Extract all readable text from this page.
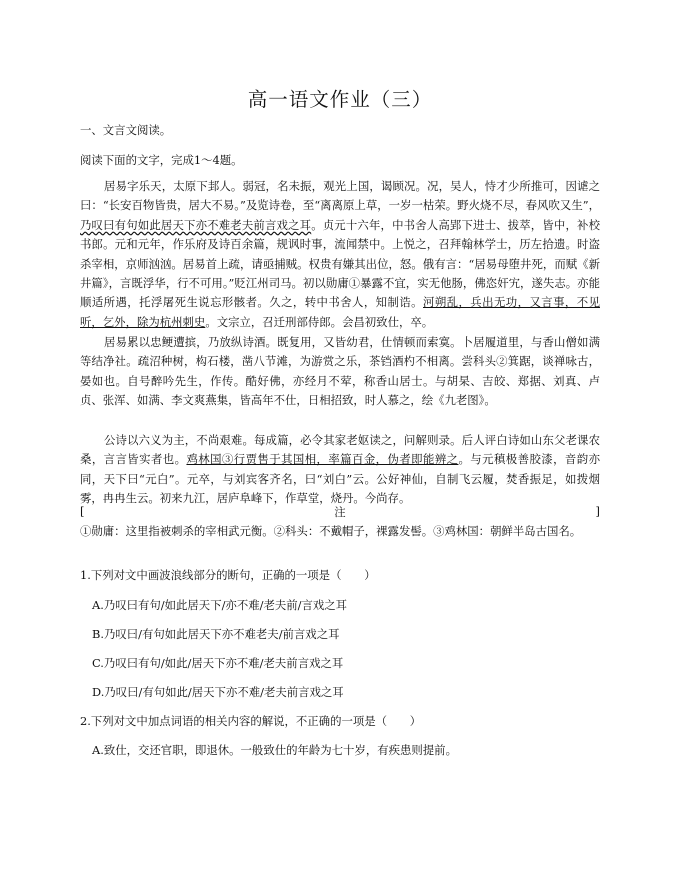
高一语文作业（三）
一、文言文阅读。
阅读下面的文字，完成1～4题。
居易字乐天，太原下邽人。弱冠，名未振，观光上国，谒顾况。况，吴人，恃才少所推可，因谑之曰：“长安百物皆贵，居大不易。”及览诗卷，至“离离原上草，一岁一枯荣。野火烧不尽，春风吹又生”，乃叹曰有句如此居天下亦不难老夫前言戏之耳。贞元十六年，中书舍人高郢下进士、拔萃，皆中，补校书郎。元和元年，作乐府及诗百余篇，规讽时事，流闻禁中。上悦之，召拜翰林学士，历左拾遗。时盗杀宰相，京师汹汹。居易首上疏，请亟捕贼。权贵有嫌其出位，怒。俄有言：“居易母堕井死，而赋《新井篇》，言既浮华，行不可用。”贬江州司马。初以勋庸①暴露不宜，实无他肠，佛恣奸宄，遂失志。亦能顺适所遇，托浮屠死生说忘形骸者。久之，转中书舍人，知制诰。河朔乱，兵出无功，又言事，不见听，乞外，除为杭州刺史。文宗立，召迁刑部侍郎。会昌初致仕，卒。
居易累以忠鲠遭摈，乃放纵诗酒。既复用，又皆幼君，仕情顿而索寞。卜居履道里，与香山僧如满等结净社。疏沼种树，构石楼，凿八节滩，为游赏之乐，茶铛酒杓不相离。尝科头②箕踞，谈禅咏古，晏如也。自号醉吟先生，作传。酷好佛，亦经月不荤，称香山居士。与胡杲、吉皎、郑据、刘真、卢贞、张浑、如满、李文爽燕集，皆高年不仕，日相招致，时人慕之，绘《九老图》。
公诗以六义为主，不尚艰难。每成篇，必令其家老妪读之，问解则录。后人评白诗如山东父老课农桑，言言皆实者也。鸡林国③行贾售于其国相，率篇百金，伪者即能辨之。与元稹极善胶漆，音韵亦同，天下曰“元白”。元卒，与刘宾客齐名，曰“刘白”云。公好神仙，自制飞云履，焚香振足，如拨烟雾，冉冉生云。初来九江，居庐阜峰下，作草堂，烧丹。今尚存。
[	注	]
①勋庸：这里指被刺杀的宰相武元衡。②科头：不戴帽子，裸露发髻。③鸡林国：朝鲜半岛古国名。
1.下列对文中画波浪线部分的断句，正确的一项是（　　）
A.乃叹曰有句/如此居天下/亦不难/老夫前/言戏之耳
B.乃叹曰/有句如此居天下亦不难老夫/前言戏之耳
C.乃叹曰有句/如此/居天下亦不难/老夫前言戏之耳
D.乃叹曰/有句如此/居天下亦不难/老夫前言戏之耳
2.下列对文中加点词语的相关内容的解说，不正确的一项是（　　）
A.致仕，交还官职，即退休。一般致仕的年龄为七十岁，有疾患则提前。
